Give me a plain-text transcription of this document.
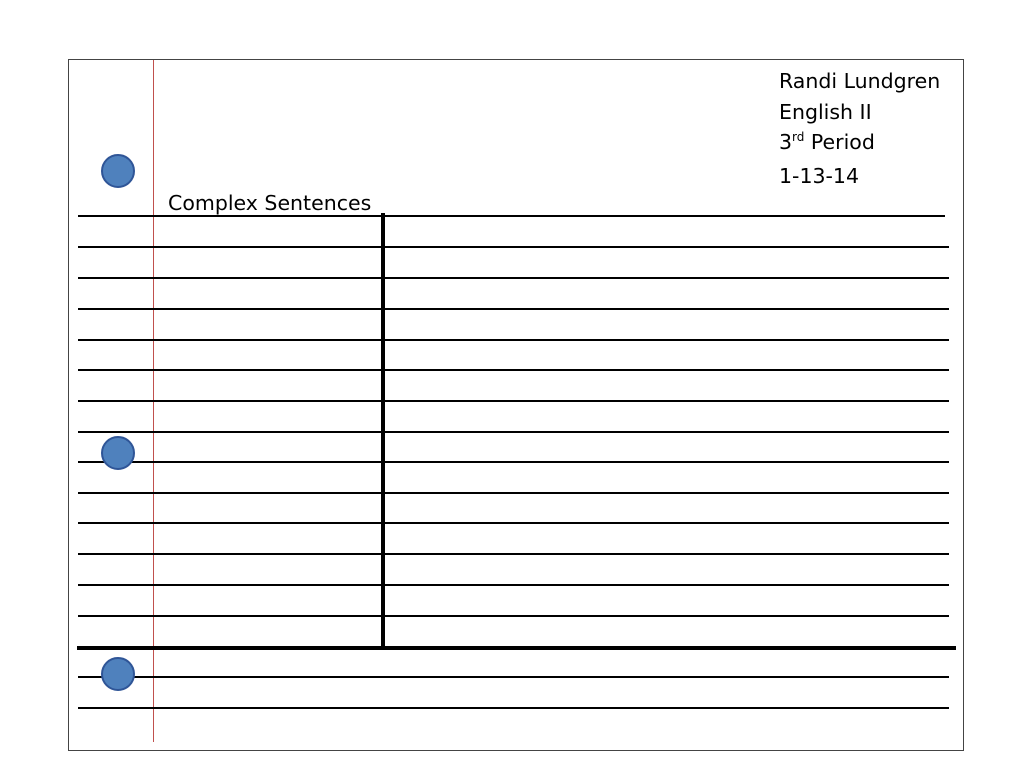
Randi Lundgren
English II
3rd Period
1-13-14
Complex Sentences
